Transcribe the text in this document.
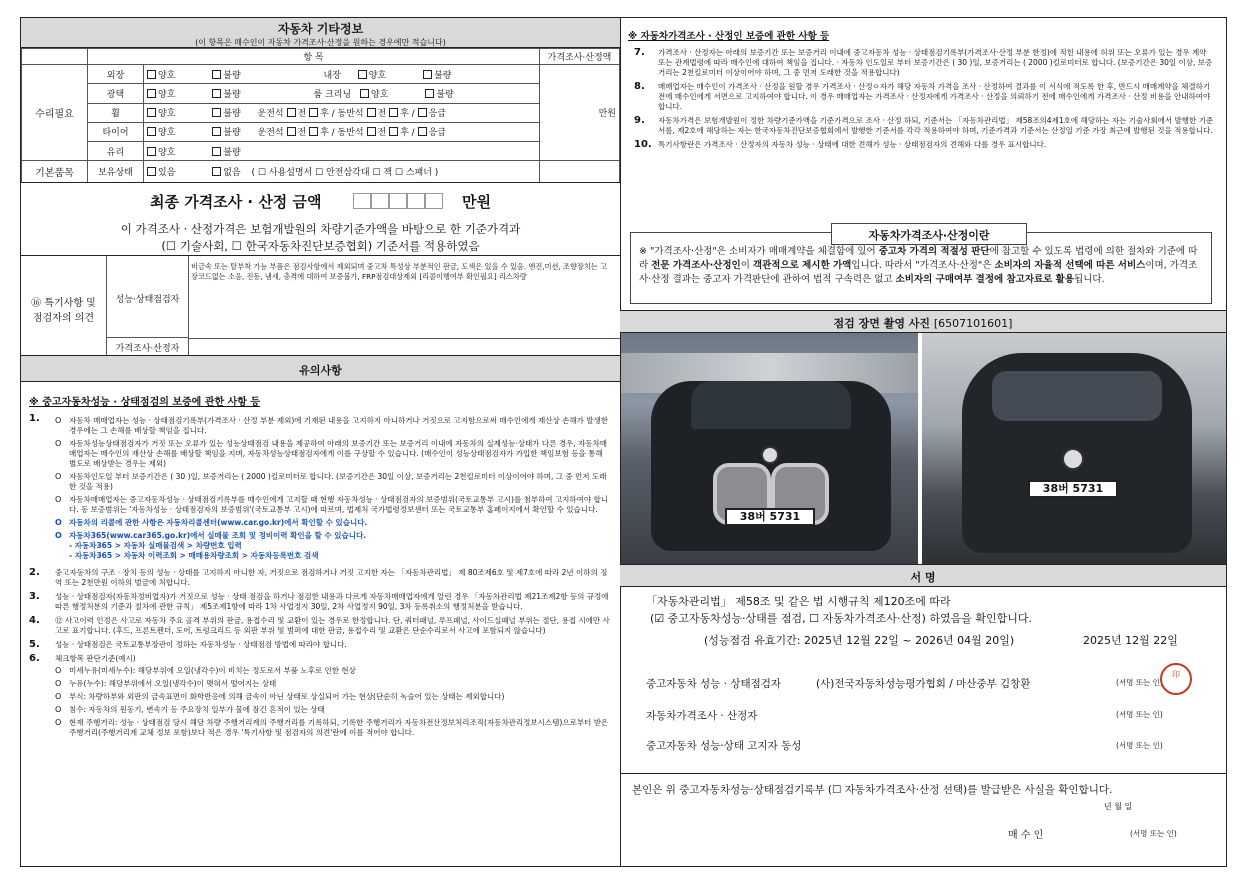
자동차 기타정보
(이 항목은 매수인이 자동차 가격조사·산정을 원하는 경우에만 적습니다)
	항 목		가격조사·산정액
수리필요	외장	양호 불량 내장 양호 불량	만원
	광택	양호 불량 룸 크리닝 양호 불량	
	휠	양호 불량 운전석 전 후 / 동반석 전 후 / 응급	
	타이어	양호 불량 운전석 전 후 / 동반석 전 후 / 응급	
	유리	양호 불량	
기본품목	보유상태	있음 없음 ( ☐ 사용설명서 ☐ 안전삼각대 ☐ 잭 ☐ 스패너 )	
최종 가격조사 · 산정 금액	만원
이 가격조사 · 산정가격은 보험개발원의 차량기준가액을 바탕으로 한 기준가격과
(☐ 기술사회, ☐ 한국자동차진단보증협회) 기준서를 적용하였음
⑯ 특기사항 및
점검자의 의견
성능·상태점검자
비금속 또는 탈부착 가능 부품은 점검사항에서 제외되며 중고차 특성상 부분적인 판금, 도색은 있을 수 있음. 엔진,미션, 조향장치는 고장코드없는 소음, 진동, 냄새, 충격에 대하여 보증불가, FRP점검대상제외 [리콜이행여부 확인필요] 리스차량
가격조사·산정자
유의사항
※ 중고자동차성능 · 상태점검의 보증에 관한 사항 등
1.	O	자동차 매매업자는 성능 · 상태점검기록부(가격조사 · 산정 부분 제외)에 기재된 내용을 고지하지 아니하거나 거짓으로 고지함으로써 매수인에게 재산상 손해가 발생한 경우에는 그 손해를 배상할 책임을 집니다.
O	자동차성능상태점검자가 거짓 또는 오류가 있는 성능상태점검 내용을 제공하여 아래의 보증기간 또는 보증거리 이내에 자동차의 실제성능·상태가 다른 경우, 자동차매매업자는 매수인의 재산상 손해를 배상할 책임을 지며, 자동차성능상태점검자에게 이를 구상할 수 있습니다. (매수인이 성능상태점검자가 가입한 책임보험 등을 통해 별도로 배상받는 경우는 제외)
O	자동차인도일 부터 보증기간은 ( 30 )일, 보증거리는 ( 2000 )킬로미터로 합니다. (보증기간은 30일 이상, 보증거리는 2천킬로미터 이상이어야 하며, 그 중 먼저 도래한 것을 적용)
O	자동차매매업자는 중고자동차성능 · 상태점검기록부를 매수인에게 고지할 때 현행 자동차성능 · 상태점검자의 보증범위(국토교통부 고시)를 첨부하여 고지하여야 합니다. 동 보증범위는 '자동차성능 · 상태점검자의 보증범위'(국토교통부 고시)에 따르며, 법제처 국가법령정보센터 또는 국토교통부 홈페이지에서 확인할 수 있습니다.
O 자동차의 리콜에 관한 사항은 자동차리콜센터(www.car.go.kr)에서 확인할 수 있습니다.
O 자동차365(www.car365.go.kr)에서 실매물 조회 및 정비이력 확인을 할 수 있습니다.
- 자동차365 > 자동차 실매물검색 > 차량번호 입력
- 자동차365 > 자동차 이력조회 > 매매용차량조회 > 자동차등록번호 검색
2.	중고자동차의 구조 · 장치 등의 성능 · 상태를 고지하지 아니한 자, 거짓으로 점검하거나 거짓 고지한 자는 「자동차관리법」 제 80조제6호 및 제7호에 따라 2년 이하의 징역 또는 2천만원 이하의 벌금에 처합니다.
3.	성능 · 상태점검자(자동차정비업자)가 거짓으로 성능 · 상태 점검을 하거나 점검한 내용과 다르게 자동차매매업자에게 알린 경우 「자동차관리법 제21조제2항 등의 규정에 따른 행정처분의 기준과 절차에 관한 규칙」 제5조제1항에 따라 1차 사업정지 30일, 2차 사업정지 90일, 3차 등록취소의 행정처분을 받습니다.
4.	⑫ 사고이력 인정은 사고로 자동차 주요 골격 부위의 판금, 용접수리 및 교환이 있는 경우로 한정합니다. 단, 쿼터패널, 루프패널, 사이드실패널 부위는 절단, 용접 시에만 사고로 표기합니다. (후드, 프론트펜더, 도어, 트렁크리드 등 외판 부위 및 범퍼에 대한 판금, 용접수리 및 교환은 단순수리로서 사고에 포함되지 않습니다)
5.	성능 · 상태점검은 국토교통부장관이 정하는 자동차성능 · 상태점검 방법에 따라야 합니다.
6.	체크항목 판단기준(예시)
O	미세누유(미세누수): 해당부위에 오일(냉각수)이 비치는 정도로서 부품 노후로 인한 현상
O	누유(누수): 해당부위에서 오일(냉각수)이 맺혀서 떨어지는 상태
O	부식: 차량하부와 외판의 금속표면이 화학반응에 의해 금속이 아닌 상태로 상실되어 가는 현상(단순히 녹슬어 있는 상태는 제외합니다)
O	침수: 자동차의 원동기, 변속기 등 주요장치 일부가 물에 잠긴 흔적이 있는 상태
O	현재 주행거리: 성능 · 상태점검 당시 해당 차량 주행거리계의 주행거리를 기록하되, 기록한 주행거리가 자동차전산정보처리조직(자동차관리정보시스템)으로부터 받은 주행거리(주행거리계 교체 정보 포함)보다 적은 경우 '특기사항 및 점검자의 의견'란에 이를 적어야 합니다.
※ 자동차가격조사 · 산정인 보증에 관한 사항 등
7.	가격조사 · 산정자는 아래의 보증기간 또는 보증거리 이내에 중고자동차 성능 · 상태점검기록부(가격조사·산정 부분 한정)에 적힌 내용에 허위 또는 오류가 있는 경우 계약 또는 관계법령에 따라 매수인에 대하여 책임을 집니다. · 자동차 인도일로 부터 보증기간은 ( 30 )일, 보증거리는 ( 2000 )킬로미터로 합니다. (보증기간은 30일 이상, 보증거리는 2천킬로미터 이상이어야 하며, 그 중 먼저 도래한 것을 적용합니다)
8.	매매업자는 매수인이 가격조사 · 산정을 원할 경우 가격조사 · 산정ㅇ자가 해당 자동차 가격을 조사 · 산정하여 결과를 이 서식에 적도록 한 후, 반드시 매매계약을 체결하기 전에 매수인에게 서면으로 고지하여야 합니다. 이 경우 매매업자는 가격조사 · 산정자에게 가격조사 · 산정을 의뢰하기 전에 매수인에게 가격조사 · 산정 비용을 안내하여야 합니다.
9.	자동차가격은 보험개발원이 정한 차량기준가액을 기준가격으로 조사 · 산정 하되, 기준서는 「자동차관리법」 제58조의4제1호에 해당하는 자는 기술사회에서 발행한 기준서를, 제2호에 해당하는 자는 한국자동차진단보증협회에서 발행한 기준서를 각각 적용하여야 하며, 기준가격과 기준서는 산정일 기준 가장 최근에 발행된 것을 적용합니다.
10. 특기사항란은 가격조사 · 산정자의 자동차 성능 · 상태에 대한 견해가 성능 · 상태점검자의 견해와 다를 경우 표시합니다.
자동차가격조사·산정이란
※ "가격조사·산정"은 소비자가 매매계약을 체결함에 있어 중고차 가격의 적절성 판단에 참고할 수 있도록 법령에 의한 절차와 기준에 따라 전문 가격조사·산정인이 객관적으로 제시한 가액입니다. 따라서 "가격조사·산정"은 소비자의 자율적 선택에 따른 서비스이며, 가격조사·산정 결과는 중고자 가격판단에 관하여 법적 구속력은 없고 소비자의 구매여부 결정에 참고자료로 활용됩니다.
점검 장면 촬영 사진 [6507101601]
38버 5731
38버 5731
서 명
「자동차관리법」 제58조 및 같은 법 시행규칙 제120조에 따라
(☑ 중고자동차성능·상태를 점검, ☐ 자동차가격조사·산정) 하였음을 확인합니다.
(성능점검 유효기간: 2025년 12월 22일 ~ 2026년 04월 20일)	2025년 12월 22일
중고자동차 성능 · 상태점검자	(사)전국자동차성능평가협회 / 마산중부 김창환	(서명 또는 인)
印
자동차가격조사 · 산정자	(서명 또는 인)
중고자동차 성능·상태 고지자 동성	(서명 또는 인)
본인은 위 중고자동차성능·상태점검기록부 (☐ 자동차가격조사·산정 선택)를 발급받은 사실을 확인합니다.
년 월 일
매 수 인	(서명 또는 인)
